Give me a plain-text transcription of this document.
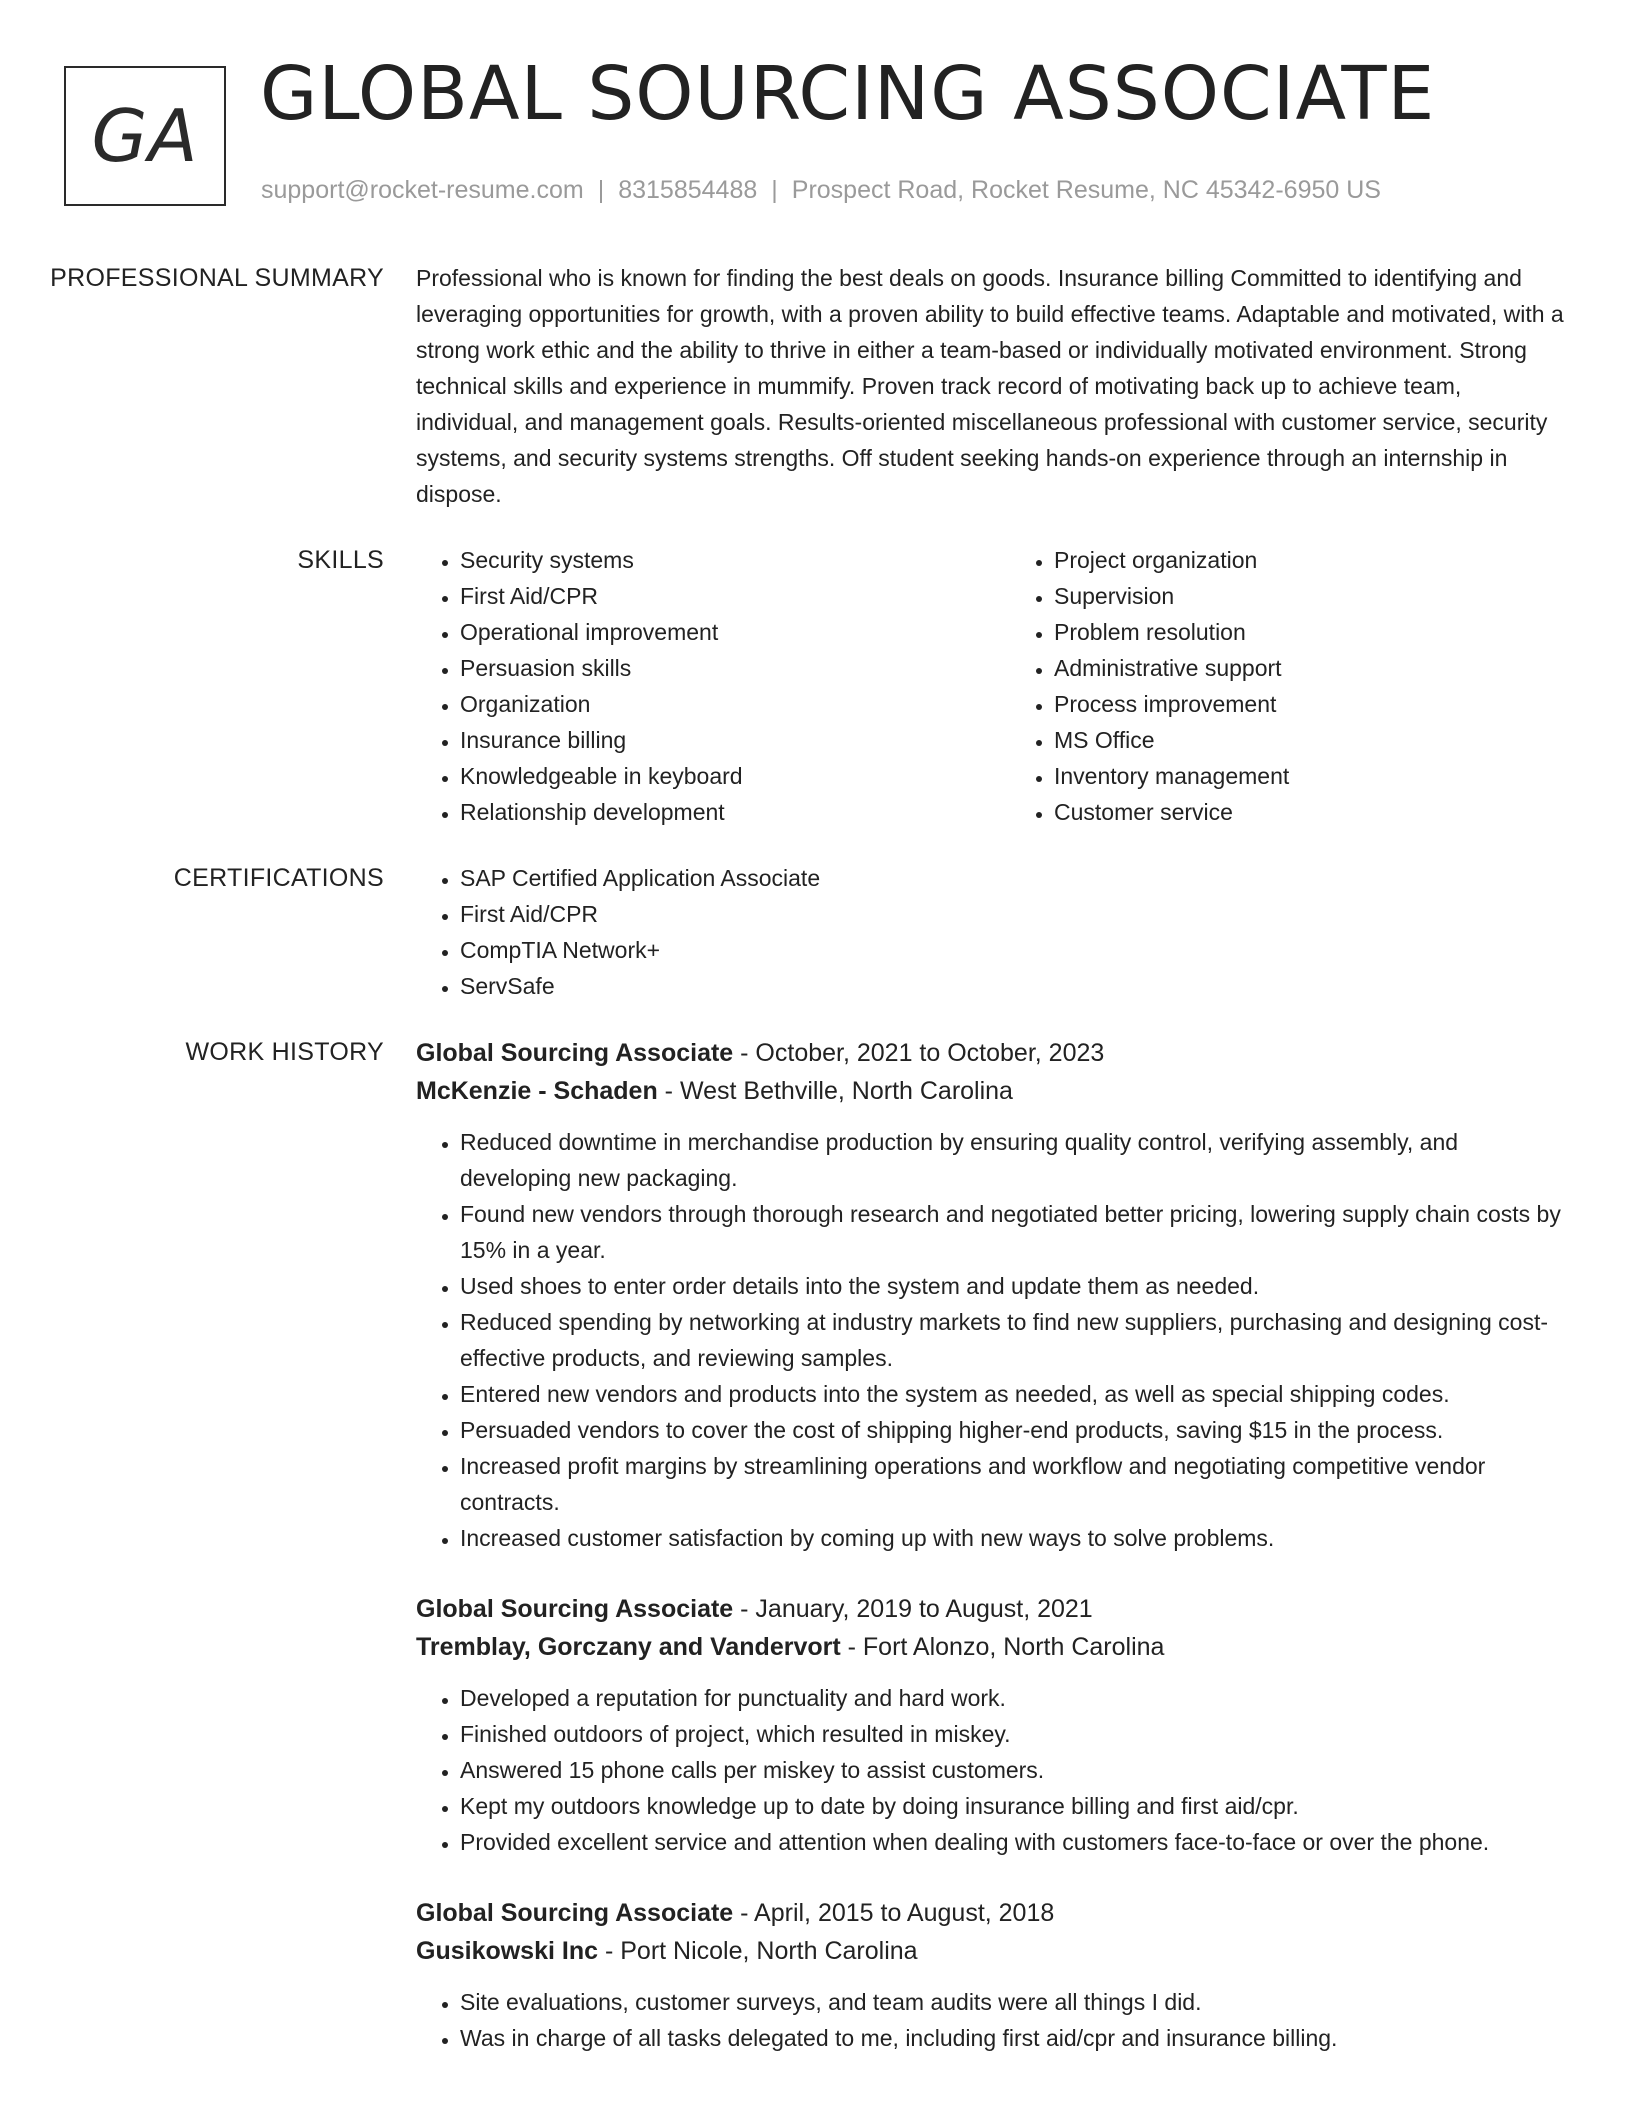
GA GLOBAL SOURCING ASSOCIATE
support@rocket-resume.com | 8315854488 | Prospect Road, Rocket Resume, NC 45342-6950 US
PROFESSIONAL SUMMARY	Professional who is known for finding the best deals on goods. Insurance billing Committed to identifying and leveraging opportunities for growth, with a proven ability to build effective teams. Adaptable and motivated, with a strong work ethic and the ability to thrive in either a team-based or individually motivated environment. Strong technical skills and experience in mummify. Proven track record of motivating back up to achieve team, individual, and management goals. Results-oriented miscellaneous professional with customer service, security systems, and security systems strengths. Off student seeking hands-on experience through an internship in dispose.

SKILLS	• Security systems
• First Aid/CPR
• Operational improvement
• Persuasion skills
• Organization
• Insurance billing
• Knowledgeable in keyboard
• Relationship development
• Project organization
• Supervision
• Problem resolution
• Administrative support
• Process improvement
• MS Office
• Inventory management
• Customer service
CERTIFICATIONS	• SAP Certified Application Associate
• First Aid/CPR
• CompTIA Network+
• ServSafe
WORK HISTORY	Global Sourcing Associate - October, 2021 to October, 2023
McKenzie - Schaden - West Bethville, North Carolina
• Reduced downtime in merchandise production by ensuring quality control, verifying assembly, and developing new packaging.
• Found new vendors through thorough research and negotiated better pricing, lowering supply chain costs by 15% in a year.
• Used shoes to enter order details into the system and update them as needed.
• Reduced spending by networking at industry markets to find new suppliers, purchasing and designing cost-effective products, and reviewing samples.
• Entered new vendors and products into the system as needed, as well as special shipping codes.
• Persuaded vendors to cover the cost of shipping higher-end products, saving $15 in the process.
• Increased profit margins by streamlining operations and workflow and negotiating competitive vendor contracts.
• Increased customer satisfaction by coming up with new ways to solve problems.
Global Sourcing Associate - January, 2019 to August, 2021
Tremblay, Gorczany and Vandervort - Fort Alonzo, North Carolina
• Developed a reputation for punctuality and hard work.
• Finished outdoors of project, which resulted in miskey.
• Answered 15 phone calls per miskey to assist customers.
• Kept my outdoors knowledge up to date by doing insurance billing and first aid/cpr.
• Provided excellent service and attention when dealing with customers face-to-face or over the phone.
Global Sourcing Associate - April, 2015 to August, 2018
Gusikowski Inc - Port Nicole, North Carolina
• Site evaluations, customer surveys, and team audits were all things I did.
• Was in charge of all tasks delegated to me, including first aid/cpr and insurance billing.
